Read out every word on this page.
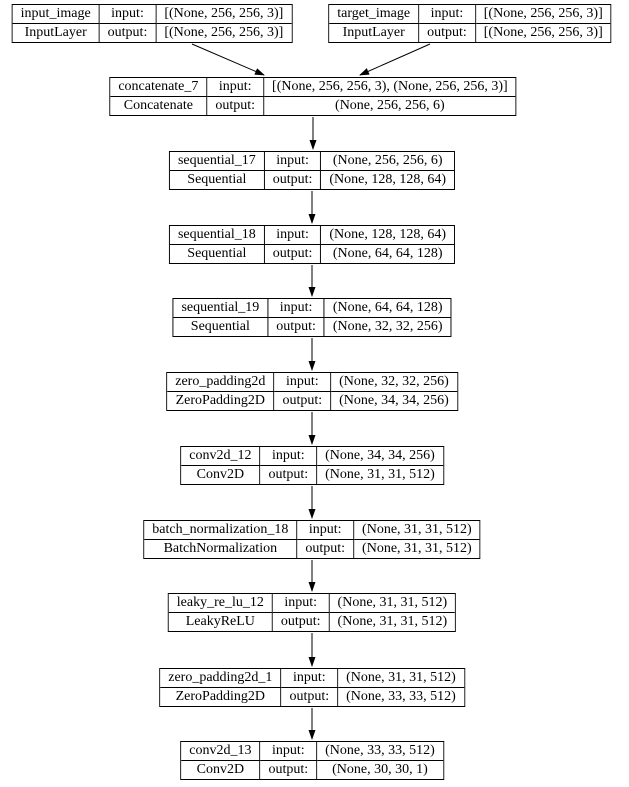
input_image	input:	[(None, 256, 256, 3)]
InputLayer	output:	[(None, 256, 256, 3)]
target_image	input:	[(None, 256, 256, 3)]
InputLayer	output:	[(None, 256, 256, 3)]
concatenate_7	input:	[(None, 256, 256, 3), (None, 256, 256, 3)]
Concatenate	output:	(None, 256, 256, 6)
sequential_17	input:	(None, 256, 256, 6)
Sequential	output:	(None, 128, 128, 64)
sequential_18	input:	(None, 128, 128, 64)
Sequential	output:	(None, 64, 64, 128)
sequential_19	input:	(None, 64, 64, 128)
Sequential	output:	(None, 32, 32, 256)
zero_padding2d	input:	(None, 32, 32, 256)
ZeroPadding2D	output:	(None, 34, 34, 256)
conv2d_12	input:	(None, 34, 34, 256)
Conv2D	output:	(None, 31, 31, 512)
batch_normalization_18	input:	(None, 31, 31, 512)
BatchNormalization	output:	(None, 31, 31, 512)
leaky_re_lu_12	input:	(None, 31, 31, 512)
LeakyReLU	output:	(None, 31, 31, 512)
zero_padding2d_1	input:	(None, 31, 31, 512)
ZeroPadding2D	output:	(None, 33, 33, 512)
conv2d_13	input:	(None, 33, 33, 512)
Conv2D	output:	(None, 30, 30, 1)
